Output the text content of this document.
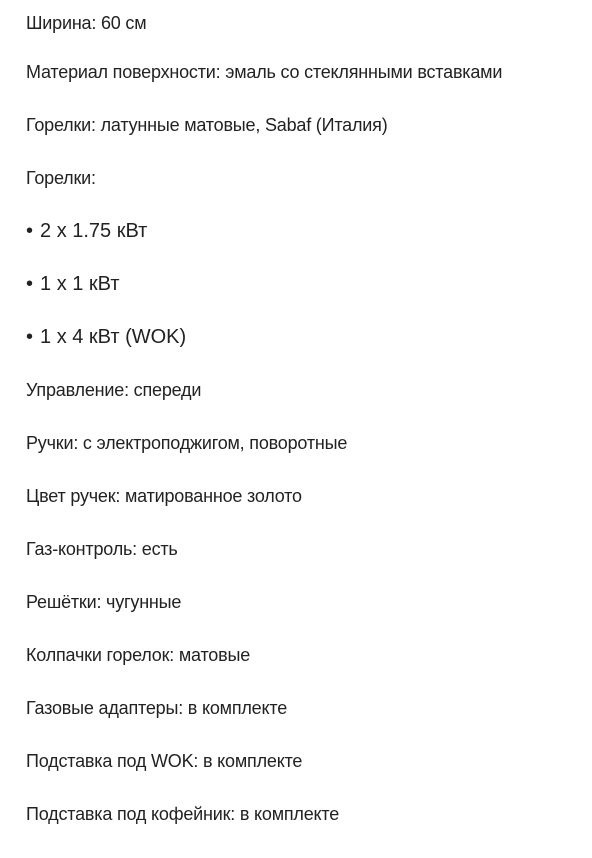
Ширина: 60 см
Материал поверхности: эмаль со стеклянными вставками
Горелки: латунные матовые, Sabaf (Италия)
Горелки:
• 2 x 1.75 кВт
• 1 x 1 кВт
• 1 x 4 кВт (WOK)
Управление: спереди
Ручки: с электроподжигом, поворотные
Цвет ручек: матированное золото
Газ-контроль: есть
Решётки: чугунные
Колпачки горелок: матовые
Газовые адаптеры: в комплекте
Подставка под WOK: в комплекте
Подставка под кофейник: в комплекте
